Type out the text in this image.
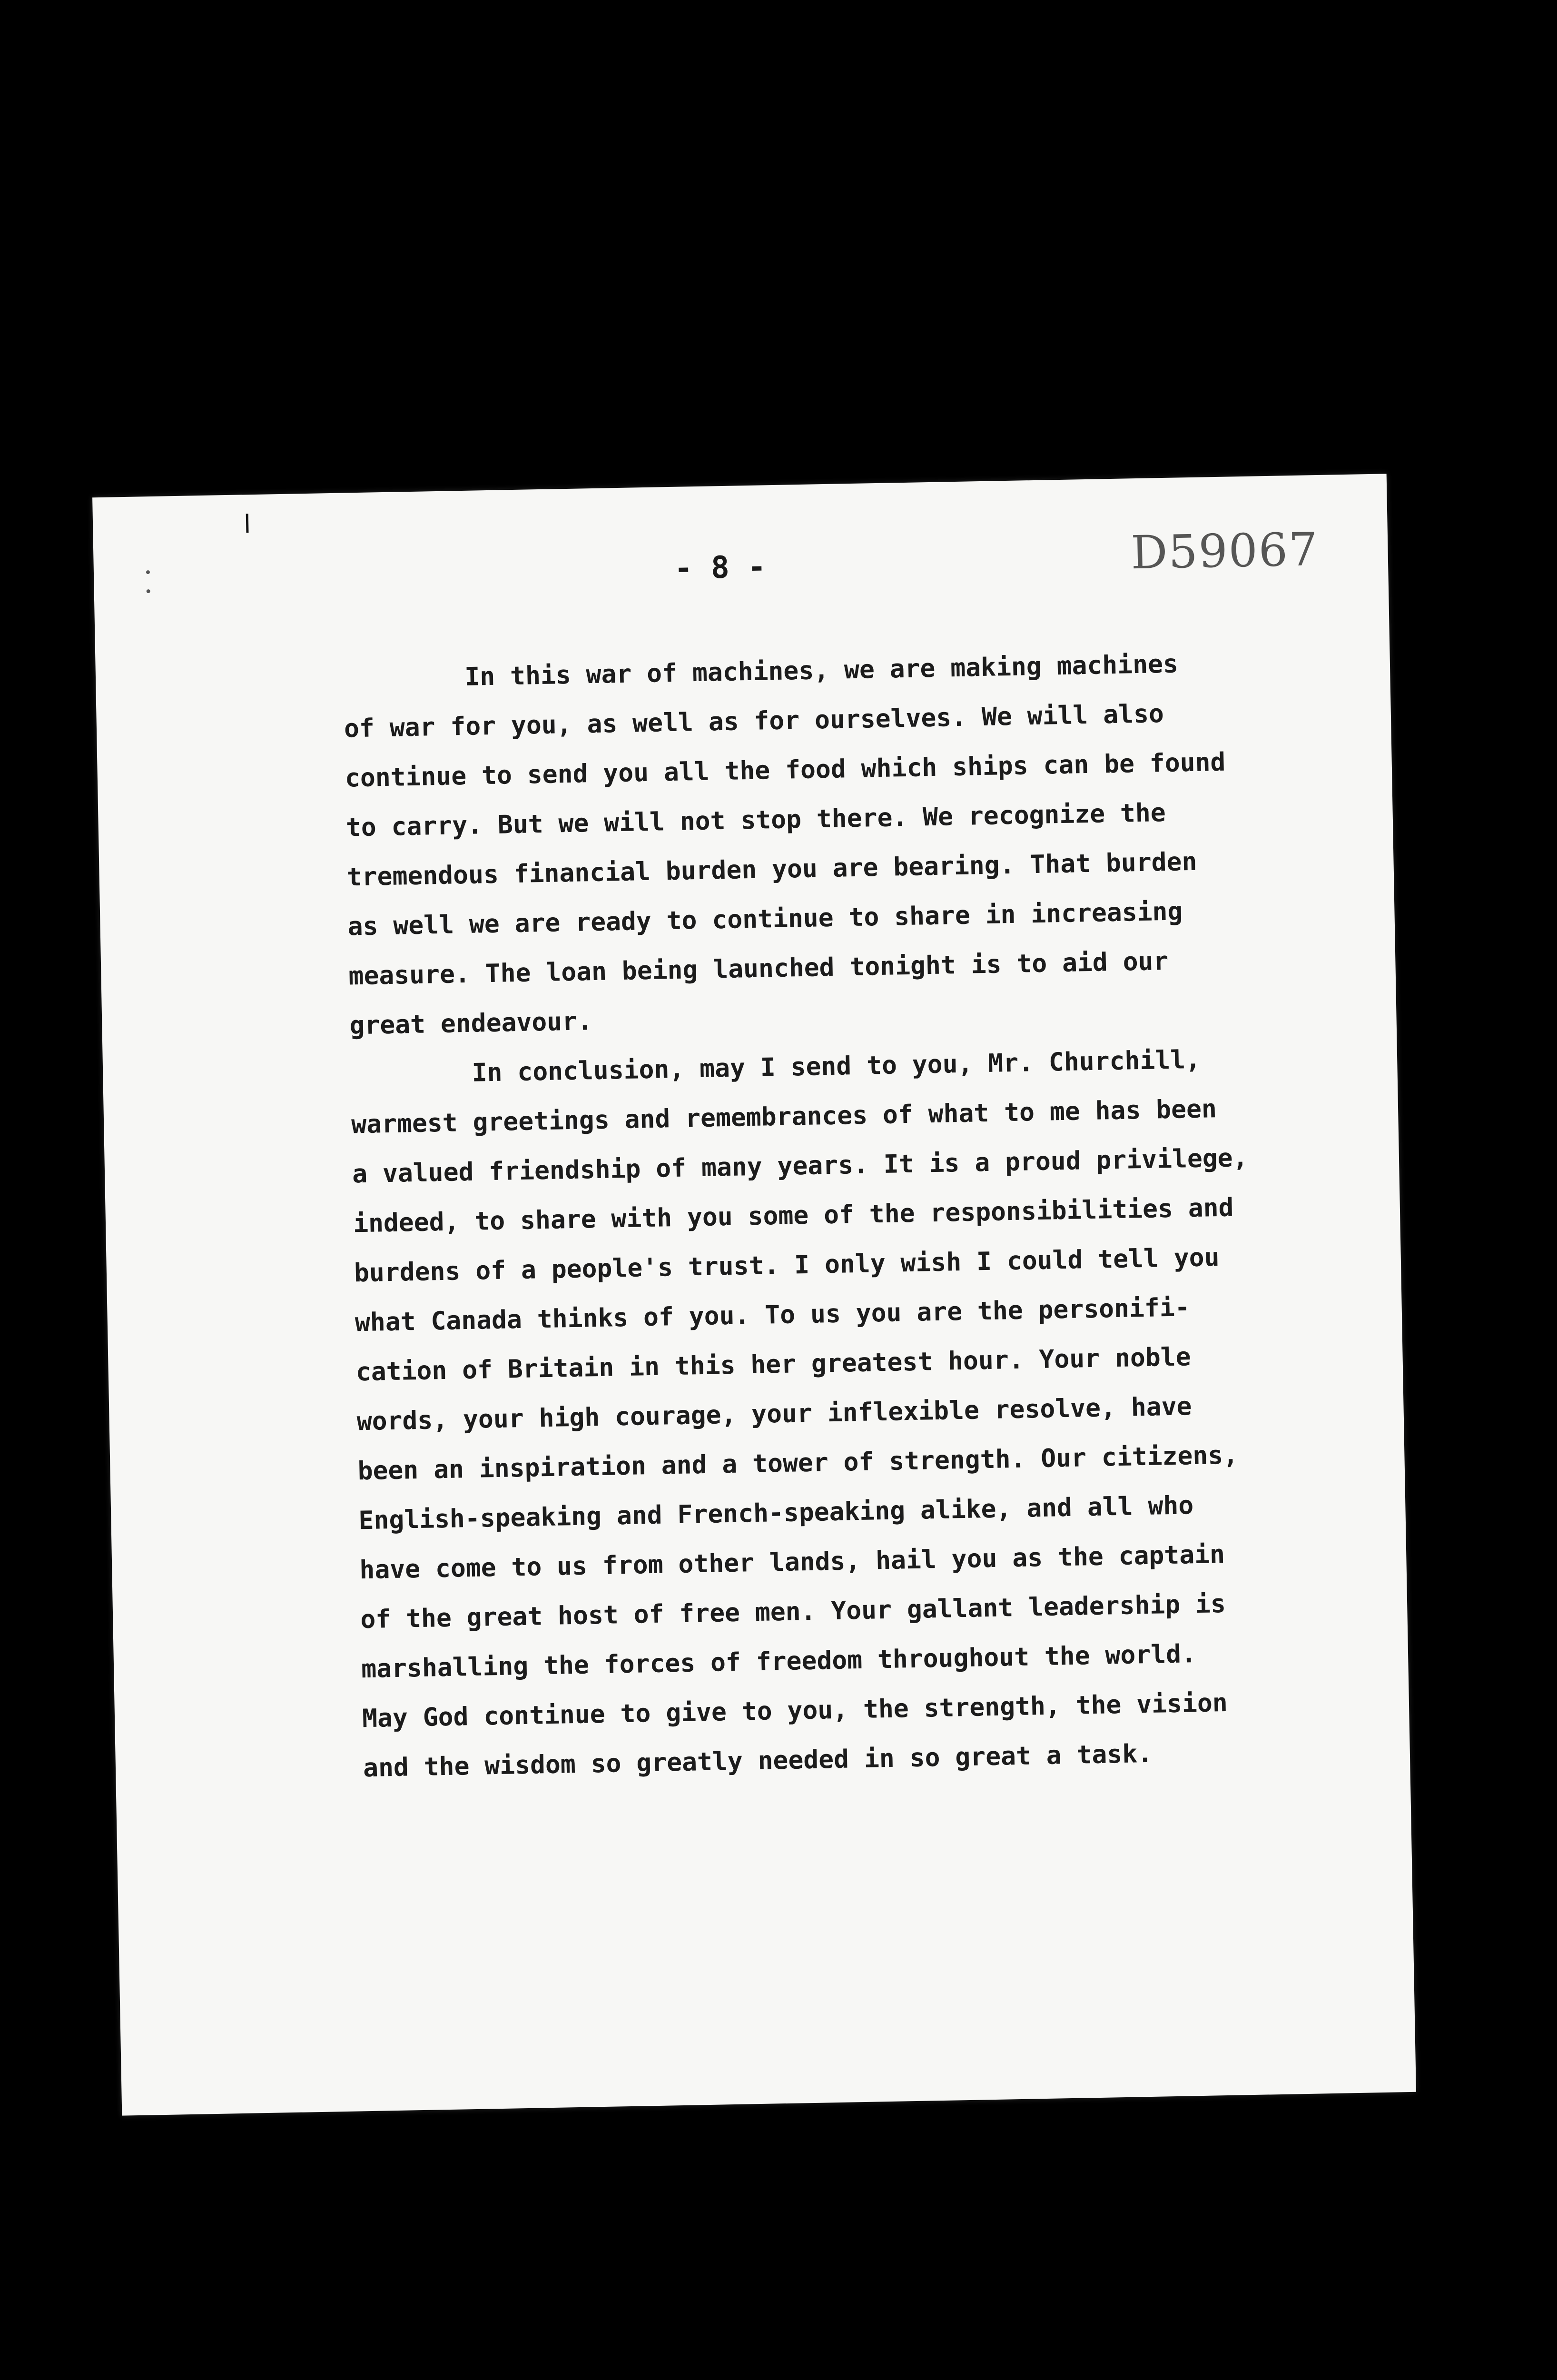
- 8 -	D59067
In this war of machines, we are making machines
of war for you, as well as for ourselves. We will also
continue to send you all the food which ships can be found
to carry. But we will not stop there. We recognize the
tremendous financial burden you are bearing. That burden
as well we are ready to continue to share in increasing
measure. The loan being launched tonight is to aid our
great endeavour.
In conclusion, may I send to you, Mr. Churchill,
warmest greetings and remembrances of what to me has been
a valued friendship of many years. It is a proud privilege,
indeed, to share with you some of the responsibilities and
burdens of a people's trust. I only wish I could tell you
what Canada thinks of you. To us you are the personifi-
cation of Britain in this her greatest hour. Your noble
words, your high courage, your inflexible resolve, have
been an inspiration and a tower of strength. Our citizens,
English-speaking and French-speaking alike, and all who
have come to us from other lands, hail you as the captain
of the great host of free men. Your gallant leadership is
marshalling the forces of freedom throughout the world.
May God continue to give to you, the strength, the vision
and the wisdom so greatly needed in so great a task.
